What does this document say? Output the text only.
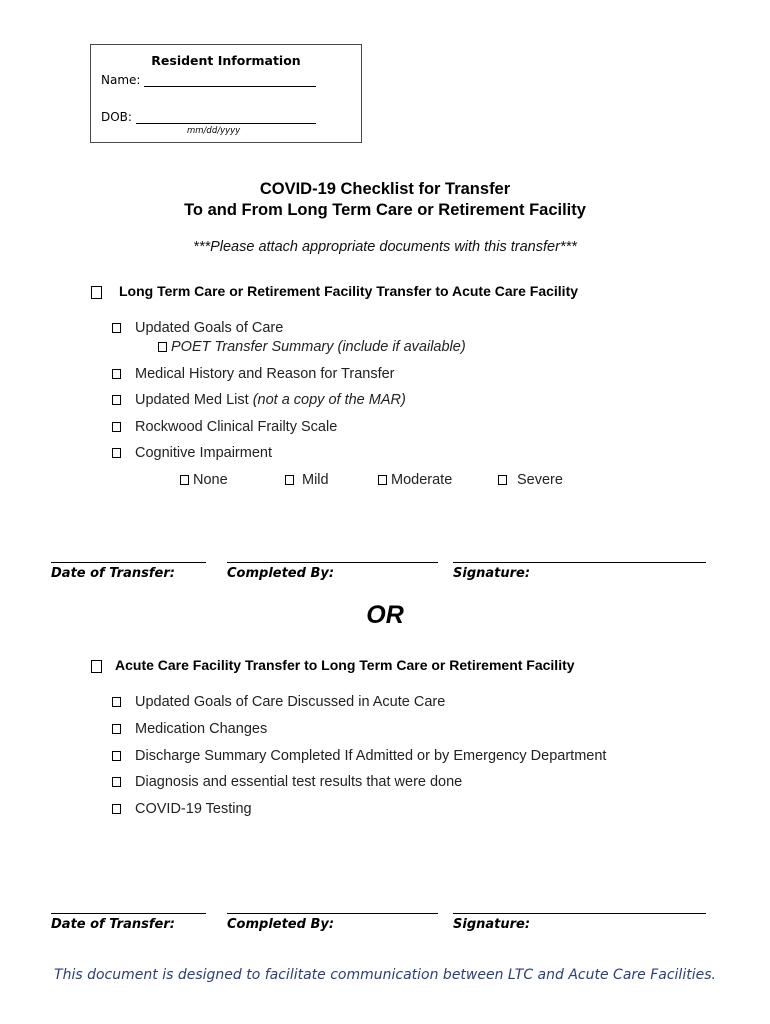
Resident Information
Name:
DOB:
mm/dd/yyyy
COVID-19 Checklist for Transfer
To and From Long Term Care or Retirement Facility
***Please attach appropriate documents with this transfer***
Long Term Care or Retirement Facility Transfer to Acute Care Facility
Updated Goals of Care
POET Transfer Summary (include if available)
Medical History and Reason for Transfer
Updated Med List (not a copy of the MAR)
Rockwood Clinical Frailty Scale
Cognitive Impairment
None	Mild	Moderate	Severe
Date of Transfer:	Completed By:	Signature:
OR
Acute Care Facility Transfer to Long Term Care or Retirement Facility
Updated Goals of Care Discussed in Acute Care
Medication Changes
Discharge Summary Completed If Admitted or by Emergency Department
Diagnosis and essential test results that were done
COVID-19 Testing
Date of Transfer:	Completed By:	Signature:
This document is designed to facilitate communication between LTC and Acute Care Facilities.
